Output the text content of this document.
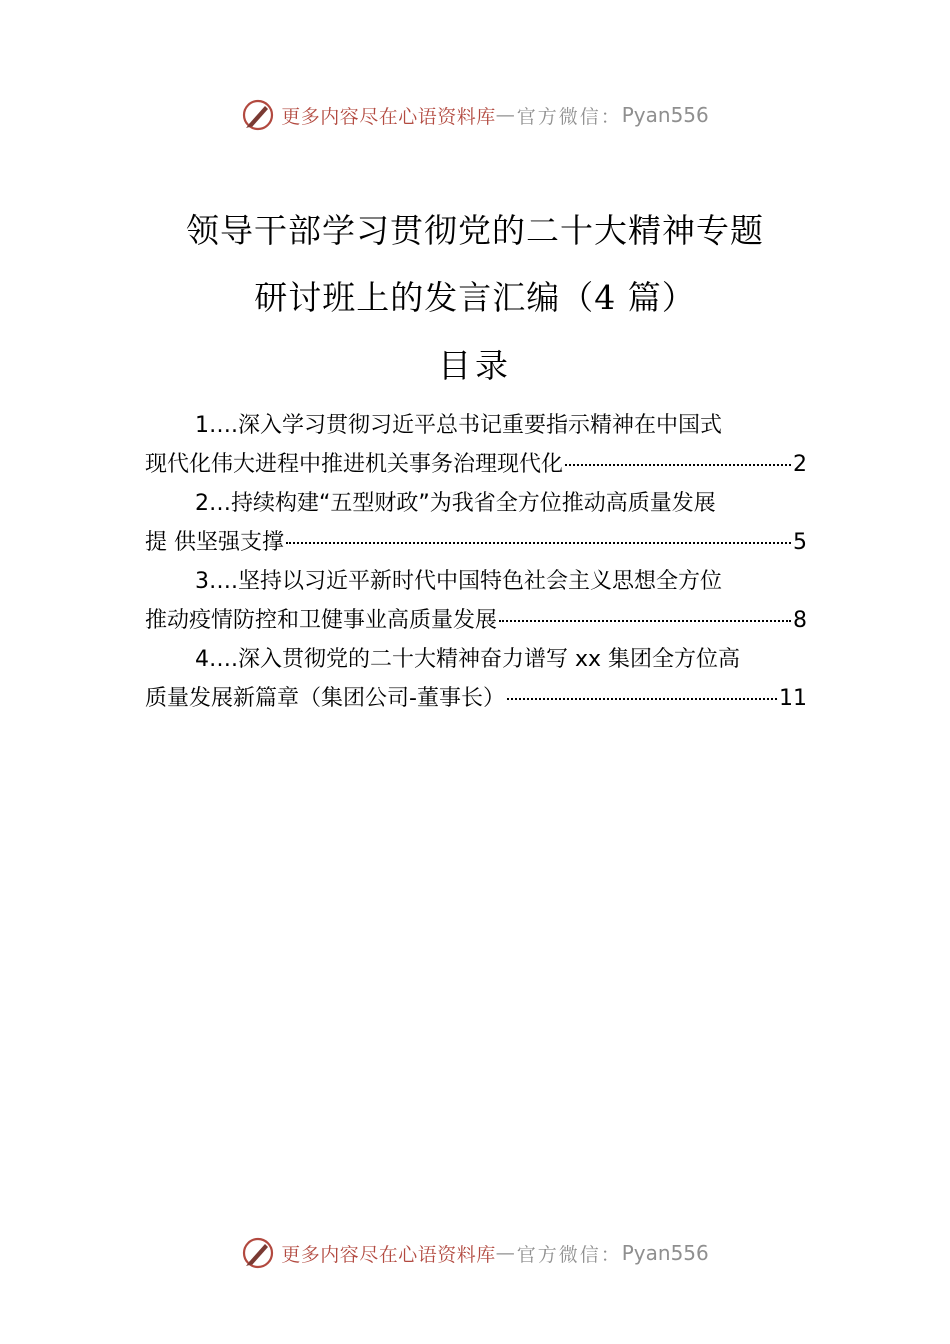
更多内容尽在心语资料库 — 官方微信： Pyan556
领导干部学习贯彻党的二十大精神专题
研讨班上的发言汇编（4 篇）
目录
1….深入学习贯彻习近平总书记重要指示精神在中国式
现代化伟大进程中推进机关事务治理现代化	2
2…持续构建“五型财政”为我省全方位推动高质量发展
提 供坚强支撑	5
3….坚持以习近平新时代中国特色社会主义思想全方位
推动疫情防控和卫健事业高质量发展	8
4….深入贯彻党的二十大精神奋力谱写 xx 集团全方位高
质量发展新篇章（集团公司-董事长）	11
更多内容尽在心语资料库 — 官方微信： Pyan556
